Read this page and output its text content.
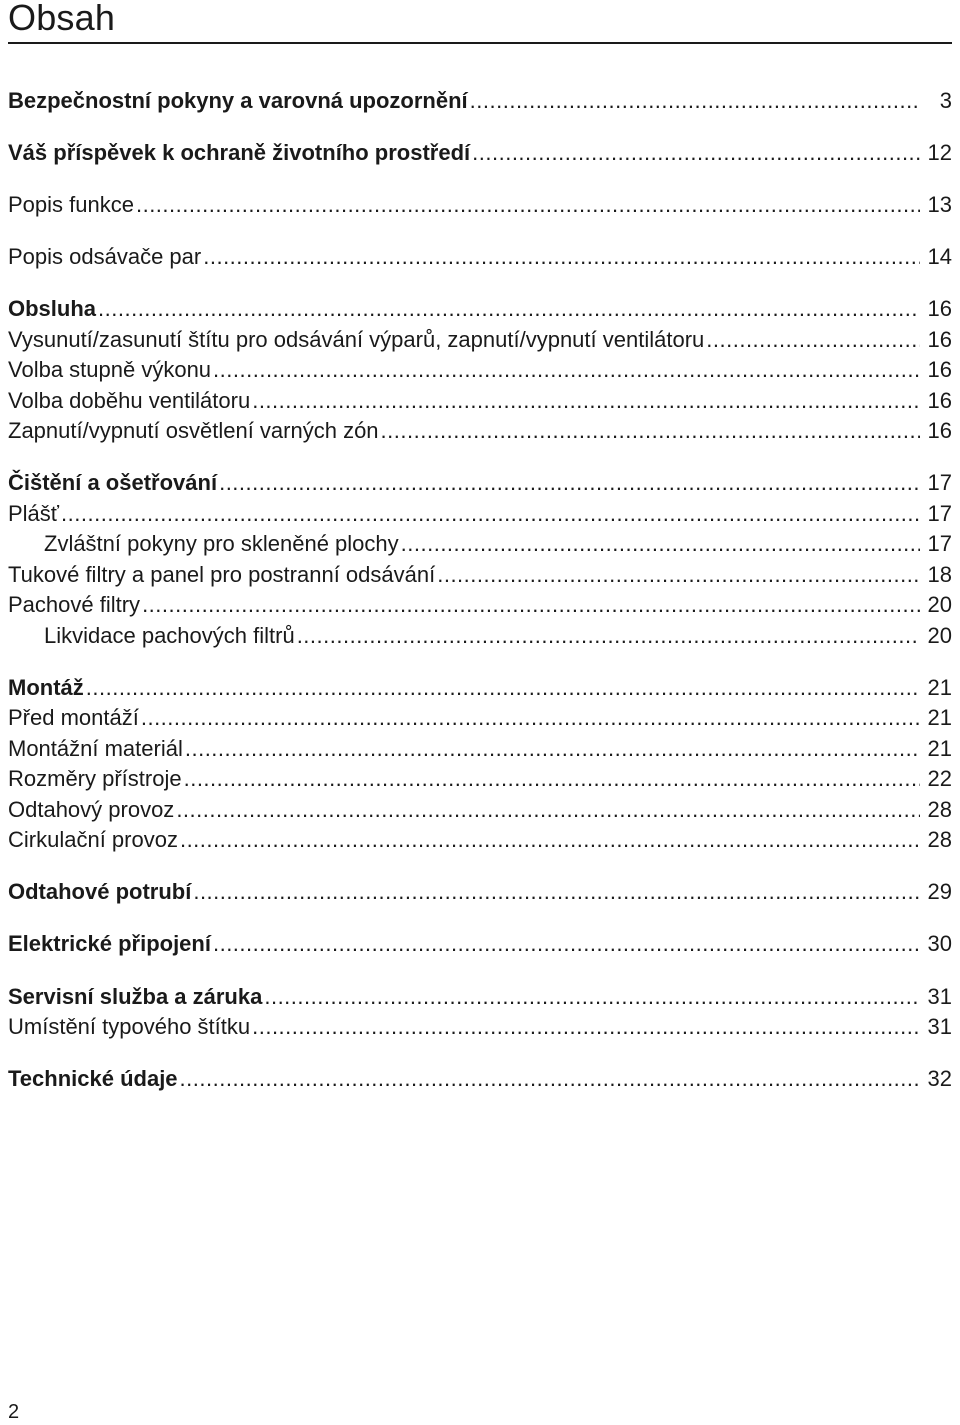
Obsah
Bezpečnostní pokyny a varovná upozornění .....	3
Váš příspěvek k ochraně životního prostředí .....	12
Popis funkce .....	13
Popis odsávače par .....	14
Obsluha .....	16
Vysunutí/zasunutí štítu pro odsávání výparů, zapnutí/vypnutí ventilátoru .....	16
Volba stupně výkonu .....	16
Volba doběhu ventilátoru .....	16
Zapnutí/vypnutí osvětlení varných zón .....	16
Čištění a ošetřování .....	17
Plášť .....	17
Zvláštní pokyny pro skleněné plochy .....	17
Tukové filtry a panel pro postranní odsávání .....	18
Pachové filtry .....	20
Likvidace pachových filtrů .....	20
Montáž .....	21
Před montáží .....	21
Montážní materiál .....	21
Rozměry přístroje .....	22
Odtahový provoz .....	28
Cirkulační provoz .....	28
Odtahové potrubí .....	29
Elektrické připojení .....	30
Servisní služba a záruka .....	31
Umístění typového štítku .....	31
Technické údaje .....	32
2
